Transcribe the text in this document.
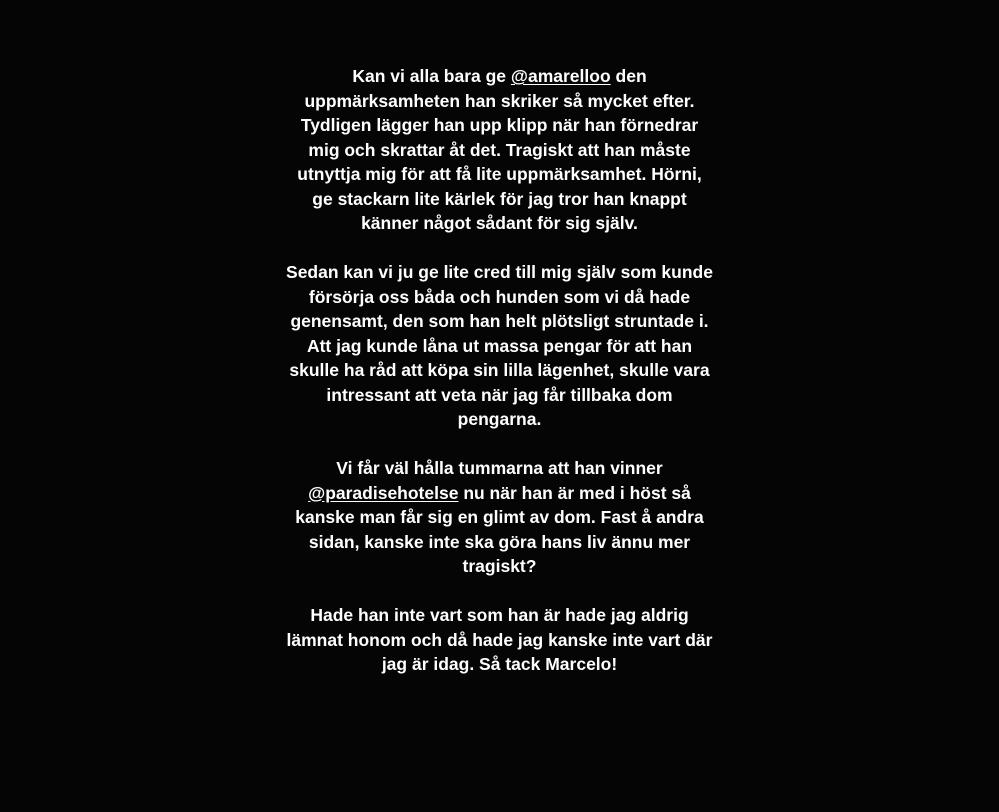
Kan vi alla bara ge @amarelloo den
uppmärksamheten han skriker så mycket efter.
Tydligen lägger han upp klipp när han förnedrar
mig och skrattar åt det. Tragiskt att han måste
utnyttja mig för att få lite uppmärksamhet. Hörni,
ge stackarn lite kärlek för jag tror han knappt
känner något sådant för sig själv.
Sedan kan vi ju ge lite cred till mig själv som kunde
försörja oss båda och hunden som vi då hade
genensamt, den som han helt plötsligt struntade i.
Att jag kunde låna ut massa pengar för att han
skulle ha råd att köpa sin lilla lägenhet, skulle vara
intressant att veta när jag får tillbaka dom
pengarna.
Vi får väl hålla tummarna att han vinner
@paradisehotelse nu när han är med i höst så
kanske man får sig en glimt av dom. Fast å andra
sidan, kanske inte ska göra hans liv ännu mer
tragiskt?
Hade han inte vart som han är hade jag aldrig
lämnat honom och då hade jag kanske inte vart där
jag är idag. Så tack Marcelo!
